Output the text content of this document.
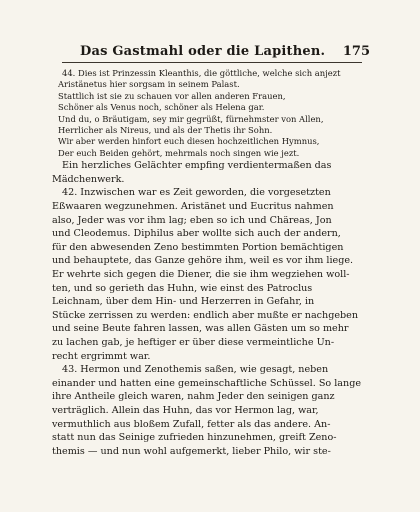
Das Gastmahl oder die Lapithen. 175
44. Dies ist Prinzessin Kleanthis, die göttliche, welche sich anjezt
Aristänetus hier sorgsam in seinem Palast.
Stattlich ist sie zu schauen vor allen anderen Frauen,
Schöner als Venus noch, schöner als Helena gar.
Und du, o Bräutigam, sey mir gegrüßt, fürnehmster von Allen,
Herrlicher als Nireus, und als der Thetis ihr Sohn.
Wir aber werden hinfort euch diesen hochzeitlichen Hymnus,
Der euch Beiden gehört, mehrmals noch singen wie jezt.
Ein herzliches Gelächter empfing verdientermaßen das
Mädchenwerk.
42. Inzwischen war es Zeit geworden, die vorgesetzten
Eßwaaren wegzunehmen. Aristänet und Eucritus nahmen
also, Jeder was vor ihm lag; eben so ich und Chäreas, Jon
und Cleodemus. Diphilus aber wollte sich auch der andern,
für den abwesenden Zeno bestimmten Portion bemächtigen
und behauptete, das Ganze gehöre ihm, weil es vor ihm liege.
Er wehrte sich gegen die Diener, die sie ihm wegziehen woll-
ten, und so gerieth das Huhn, wie einst des Patroclus
Leichnam, über dem Hin- und Herzerren in Gefahr, in
Stücke zerrissen zu werden: endlich aber mußte er nachgeben
und seine Beute fahren lassen, was allen Gästen um so mehr
zu lachen gab, je heftiger er über diese vermeintliche Un-
recht ergrimmt war.
43. Hermon und Zenothemis saßen, wie gesagt, neben
einander und hatten eine gemeinschaftliche Schüssel. So lange
ihre Antheile gleich waren, nahm Jeder den seinigen ganz
verträglich. Allein das Huhn, das vor Hermon lag, war,
vermuthlich aus bloßem Zufall, fetter als das andere. An-
statt nun das Seinige zufrieden hinzunehmen, greift Zeno-
themis — und nun wohl aufgemerkt, lieber Philo, wir ste-
